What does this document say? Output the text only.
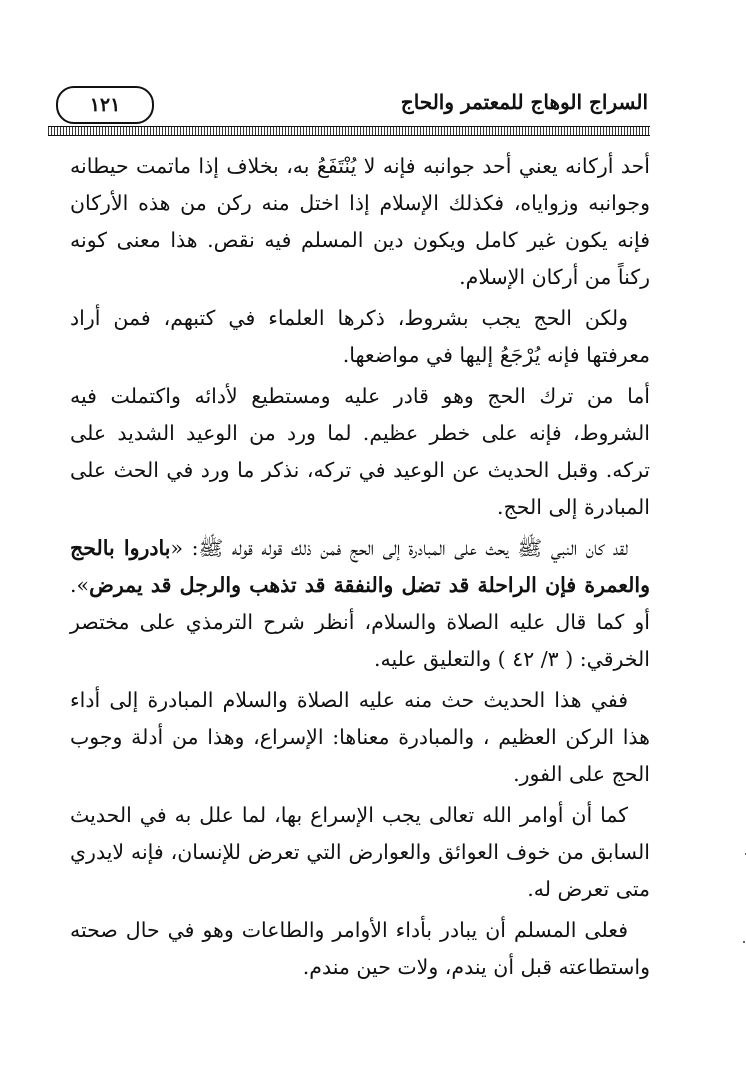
١٢١	السراج الوهاج للمعتمر والحاج

أحد أركانه يعني أحد جوانبه فإنه لا يُنْتَفَعُ به، بخلاف إذا ماتمت حيطانه وجوانبه وزواياه، فكذلك الإسلام إذا اختل منه ركن من هذه الأركان فإنه يكون غير كامل ويكون دين المسلم فيه نقص. هذا معنى كونه ركناً من أركان الإسلام.

ولكن الحج يجب بشروط، ذكرها العلماء في كتبهم، فمن أراد معرفتها فإنه يُرْجَعُ إليها في مواضعها.

أما من ترك الحج وهو قادر عليه ومستطيع لأدائه واكتملت فيه الشروط، فإنه على خطر عظيم. لما ورد من الوعيد الشديد على تركه. وقبل الحديث عن الوعيد في تركه، نذكر ما ورد في الحث على المبادرة إلى الحج.

لقد كان النبي ﷺ يحث على المبادرة إلى الحج فمن ذلك قوله قوله ﷺ: «بادروا بالحج والعمرة فإن الراحلة قد تضل والنفقة قد تذهب والرجل قد يمرض». أو كما قال عليه الصلاة والسلام، أنظر شرح الترمذي على مختصر الخرقي: ( ٣/ ٤٢ ) والتعليق عليه.

ففي هذا الحديث حث منه عليه الصلاة والسلام المبادرة إلى أداء هذا الركن العظيم ، والمبادرة معناها: الإسراع، وهذا من أدلة وجوب الحج على الفور.

كما أن أوامر الله تعالى يجب الإسراع بها، لما علل به في الحديث السابق من خوف العوائق والعوارض التي تعرض للإنسان، فإنه لايدري متى تعرض له.

فعلى المسلم أن يبادر بأداء الأوامر والطاعات وهو في حال صحته واستطاعته قبل أن يندم، ولات حين مندم.
